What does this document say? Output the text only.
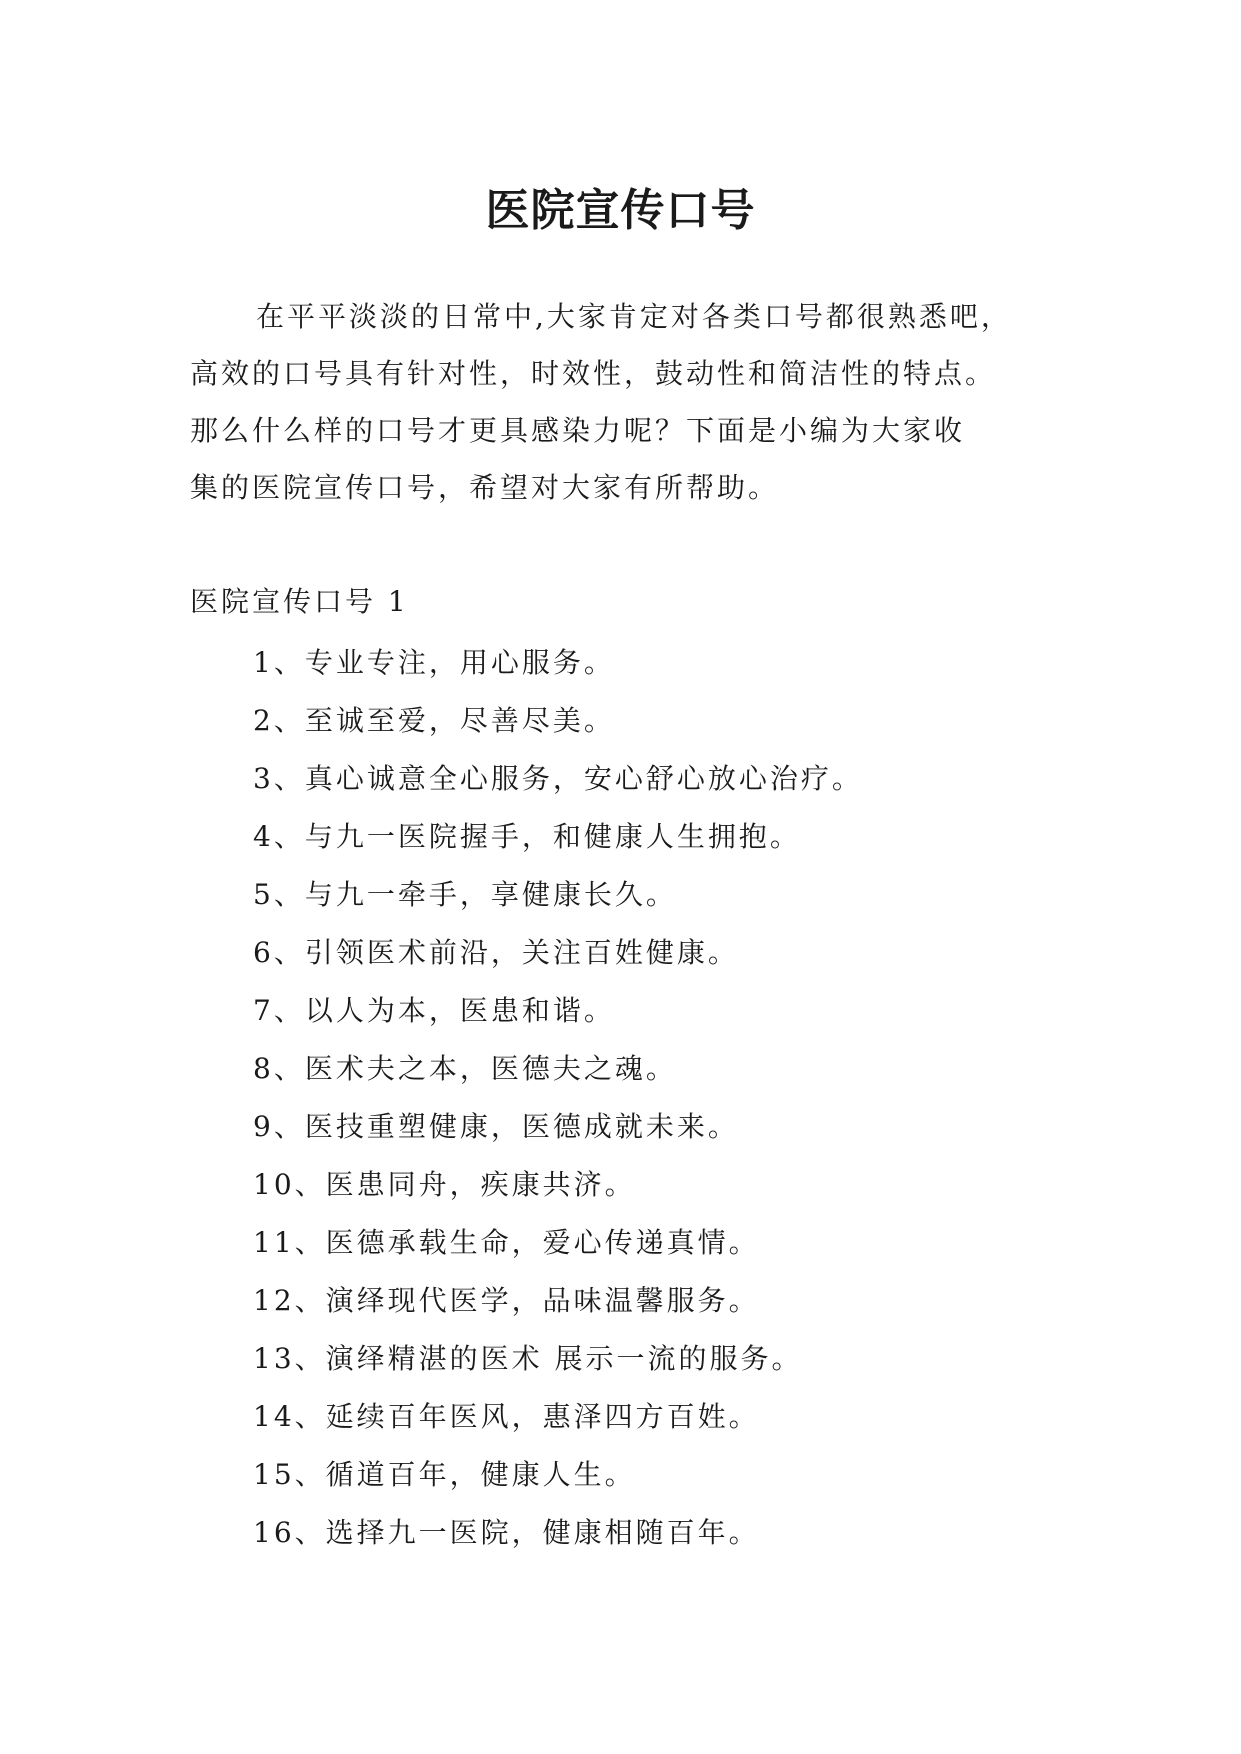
医院宣传口号
在平平淡淡的日常中,大家肯定对各类口号都很熟悉吧，
高效的口号具有针对性，时效性，鼓动性和简洁性的特点。
那么什么样的口号才更具感染力呢？下面是小编为大家收
集的医院宣传口号，希望对大家有所帮助。
医院宣传口号 1
1、专业专注，用心服务。
2、至诚至爱，尽善尽美。
3、真心诚意全心服务，安心舒心放心治疗。
4、与九一医院握手，和健康人生拥抱。
5、与九一牵手，享健康长久。
6、引领医术前沿，关注百姓健康。
7、以人为本，医患和谐。
8、医术夫之本，医德夫之魂。
9、医技重塑健康，医德成就未来。
10、医患同舟，疾康共济。
11、医德承载生命，爱心传递真情。
12、演绎现代医学，品味温馨服务。
13、演绎精湛的医术 展示一流的服务。
14、延续百年医风，惠泽四方百姓。
15、循道百年，健康人生。
16、选择九一医院，健康相随百年。
